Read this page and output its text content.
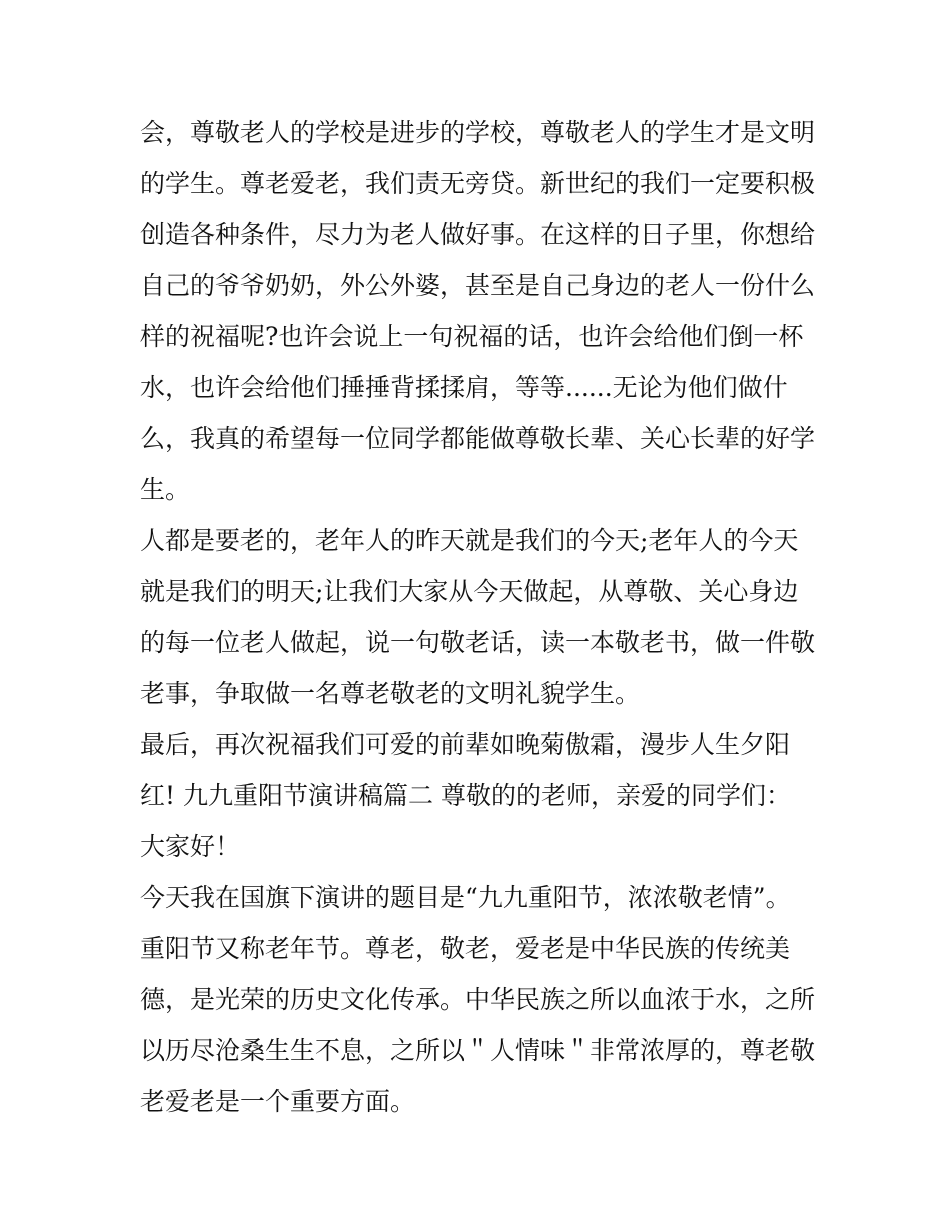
会，尊敬老人的学校是进步的学校，尊敬老人的学生才是文明
的学生。尊老爱老，我们责无旁贷。新世纪的我们一定要积极
创造各种条件，尽力为老人做好事。在这样的日子里，你想给
自己的爷爷奶奶，外公外婆，甚至是自己身边的老人一份什么
样的祝福呢?也许会说上一句祝福的话，也许会给他们倒一杯
水，也许会给他们捶捶背揉揉肩，等等......无论为他们做什
么，我真的希望每一位同学都能做尊敬长辈、关心长辈的好学
生。

人都是要老的，老年人的昨天就是我们的今天;老年人的今天
就是我们的明天;让我们大家从今天做起，从尊敬、关心身边
的每一位老人做起，说一句敬老话，读一本敬老书，做一件敬
老事，争取做一名尊老敬老的文明礼貌学生。

最后，再次祝福我们可爱的前辈如晚菊傲霜，漫步人生夕阳
红! 九九重阳节演讲稿篇二 尊敬的的老师，亲爱的同学们：

大家好！

今天我在国旗下演讲的题目是“九九重阳节，浓浓敬老情”。

重阳节又称老年节。尊老，敬老，爱老是中华民族的传统美
德，是光荣的历史文化传承。中华民族之所以血浓于水，之所
以历尽沧桑生生不息，之所以＂人情味＂非常浓厚的，尊老敬
老爱老是一个重要方面。
